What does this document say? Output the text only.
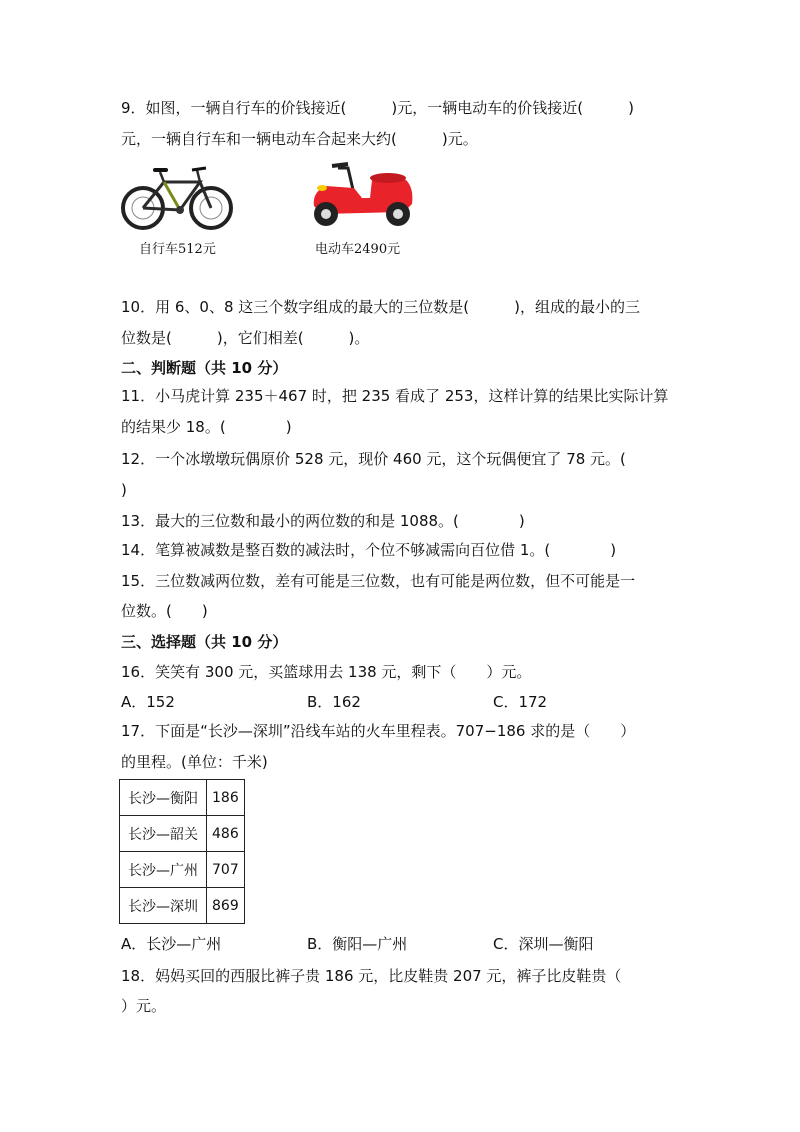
9．如图，一辆自行车的价钱接近(　　　)元，一辆电动车的价钱接近(　　　)
元，一辆自行车和一辆电动车合起来大约(　　　)元。
自行车512元	电动车2490元
10．用 6、0、8 这三个数字组成的最大的三位数是(　　　)，组成的最小的三
位数是(　　　)，它们相差(　　　)。
二、判断题（共 10 分）
11．小马虎计算 235＋467 时，把 235 看成了 253，这样计算的结果比实际计算
的结果少 18。(　　　　)
12．一个冰墩墩玩偶原价 528 元，现价 460 元，这个玩偶便宜了 78 元。(
)
13．最大的三位数和最小的两位数的和是 1088。(　　　　)
14．笔算被减数是整百数的减法时，个位不够减需向百位借 1。(　　　　)
15．三位数减两位数，差有可能是三位数，也有可能是两位数，但不可能是一
位数。(　　)
三、选择题（共 10 分）
16．笑笑有 300 元，买篮球用去 138 元，剩下（　　）元。
A．152	B．162	C．172
17．下面是“长沙—深圳”沿线车站的火车里程表。707−186 求的是（　　）
的里程。(单位：千米)
长沙—衡阳	186
长沙—韶关	486
长沙—广州	707
长沙—深圳	869
A．长沙—广州	B．衡阳—广州	C．深圳—衡阳
18．妈妈买回的西服比裤子贵 186 元，比皮鞋贵 207 元，裤子比皮鞋贵（
）元。
